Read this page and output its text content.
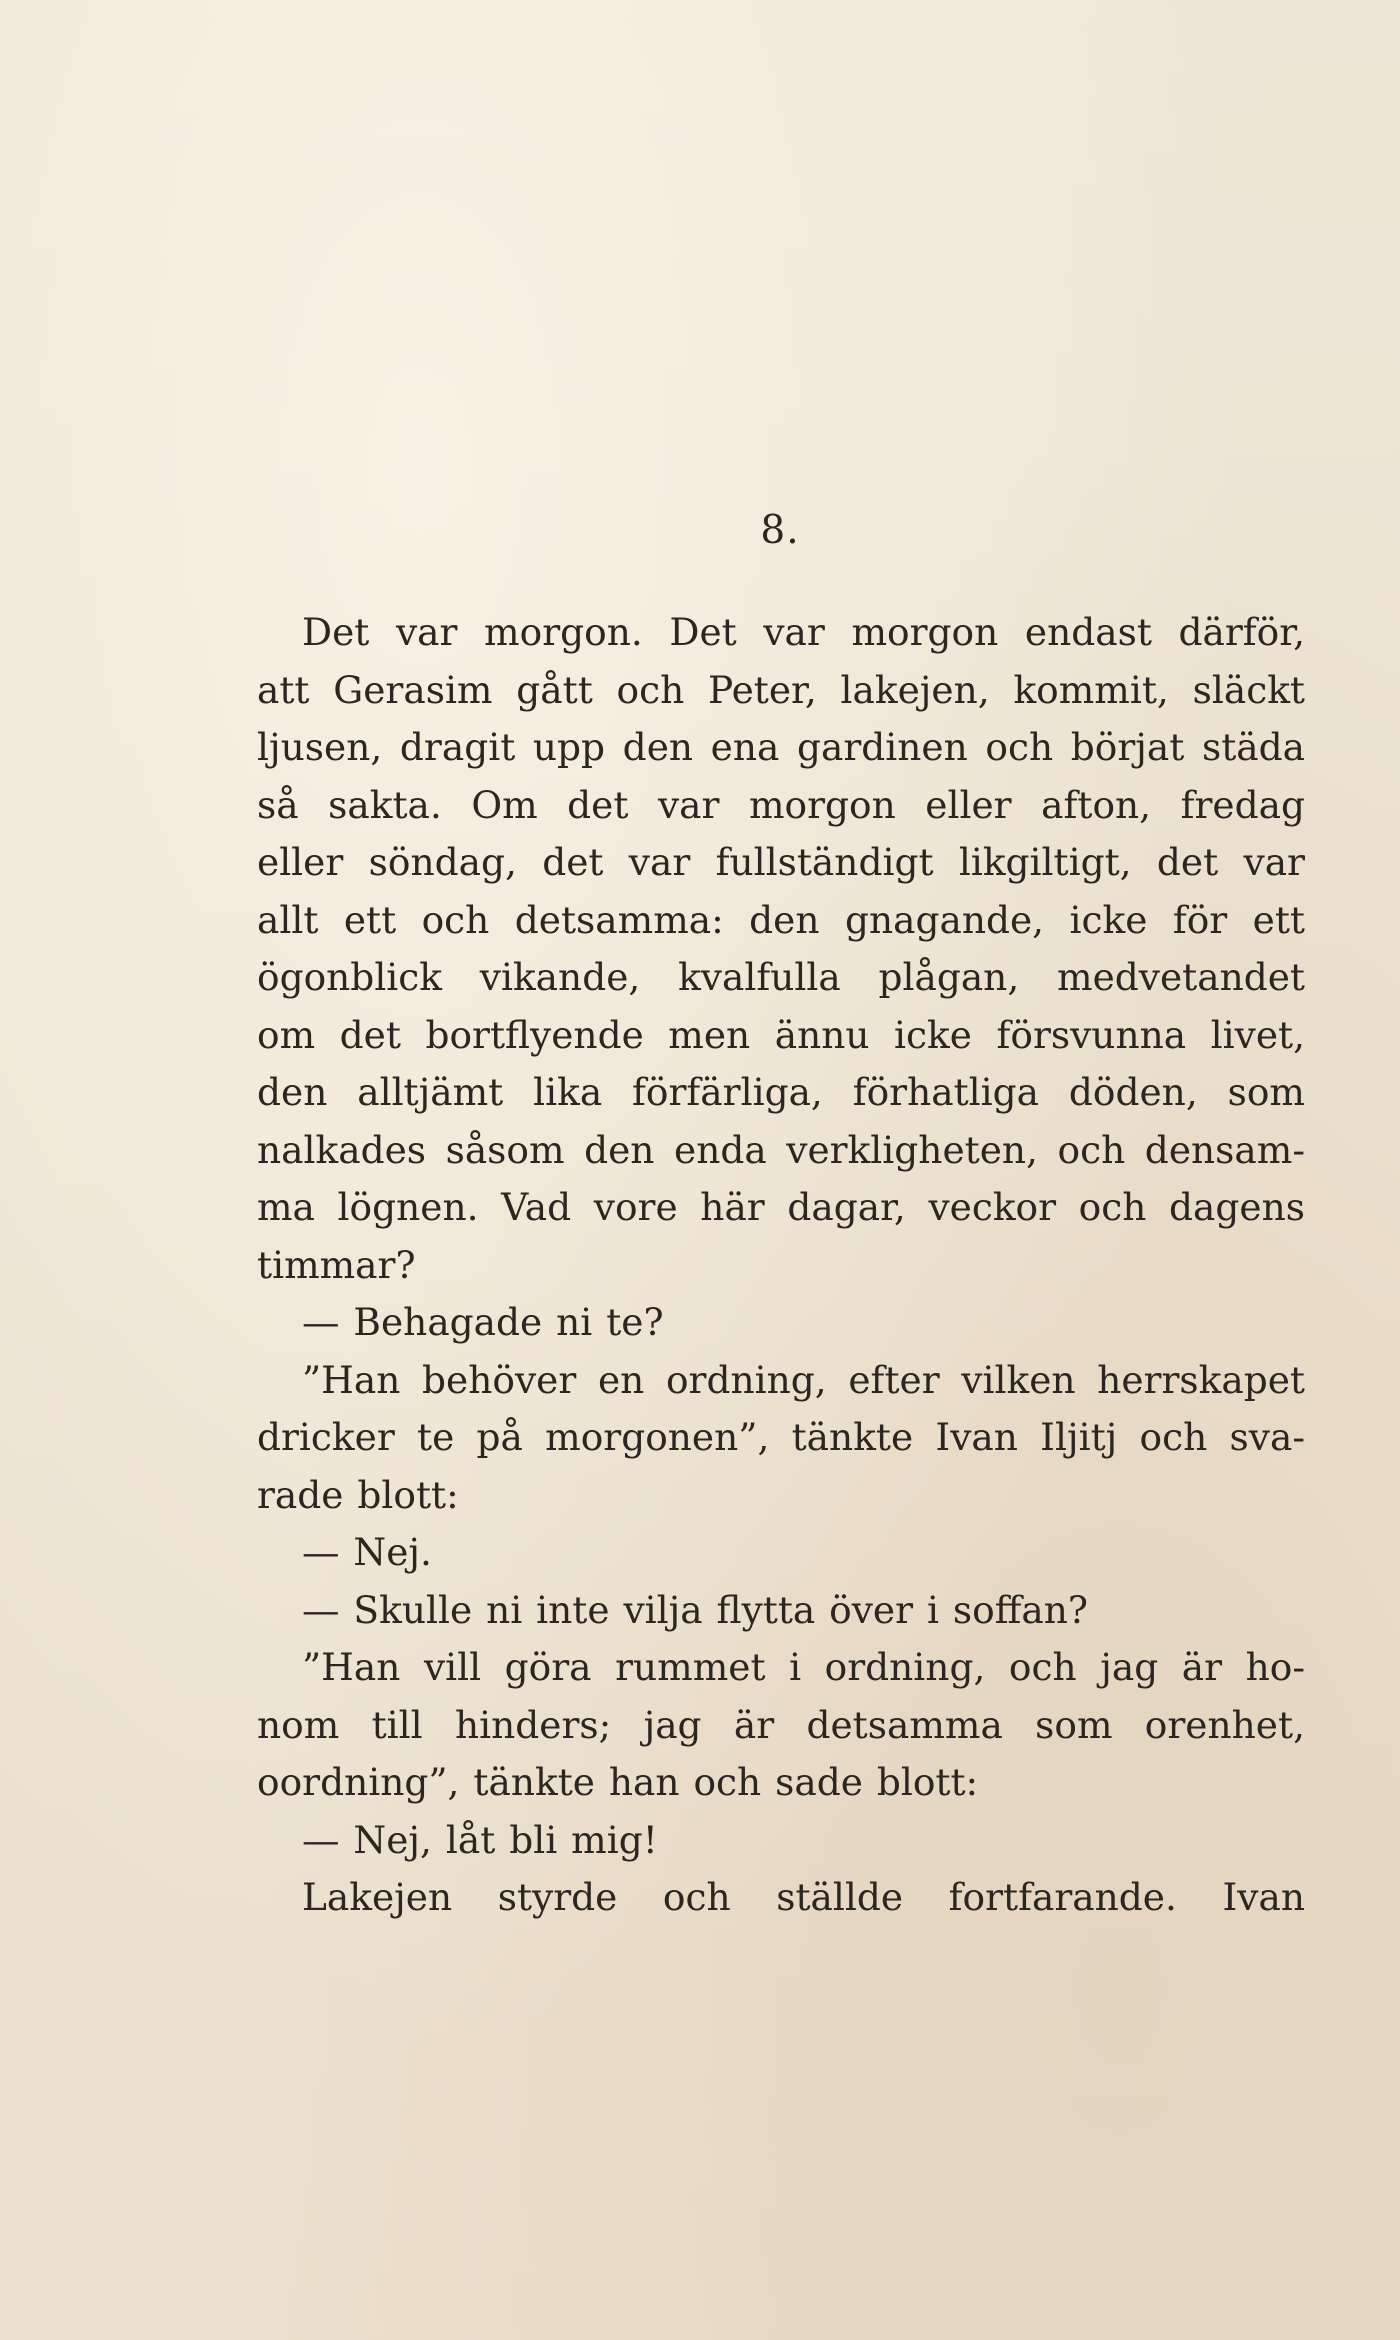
8.
Det var morgon. Det var morgon endast därför,
att Gerasim gått och Peter, lakejen, kommit, släckt
ljusen, dragit upp den ena gardinen och börjat städa
så sakta. Om det var morgon eller afton, fredag
eller söndag, det var fullständigt likgiltigt, det var
allt ett och detsamma: den gnagande, icke för ett
ögonblick vikande, kvalfulla plågan, medvetandet
om det bortflyende men ännu icke försvunna livet,
den alltjämt lika förfärliga, förhatliga döden, som
nalkades såsom den enda verkligheten, och densam-
ma lögnen. Vad vore här dagar, veckor och dagens
timmar?
— Behagade ni te?
”Han behöver en ordning, efter vilken herrskapet
dricker te på morgonen”, tänkte Ivan Iljitj och sva-
rade blott:
— Nej.
— Skulle ni inte vilja flytta över i soffan?
”Han vill göra rummet i ordning, och jag är ho-
nom till hinders; jag är detsamma som orenhet,
oordning”, tänkte han och sade blott:
— Nej, låt bli mig!
Lakejen styrde och ställde fortfarande. Ivan
